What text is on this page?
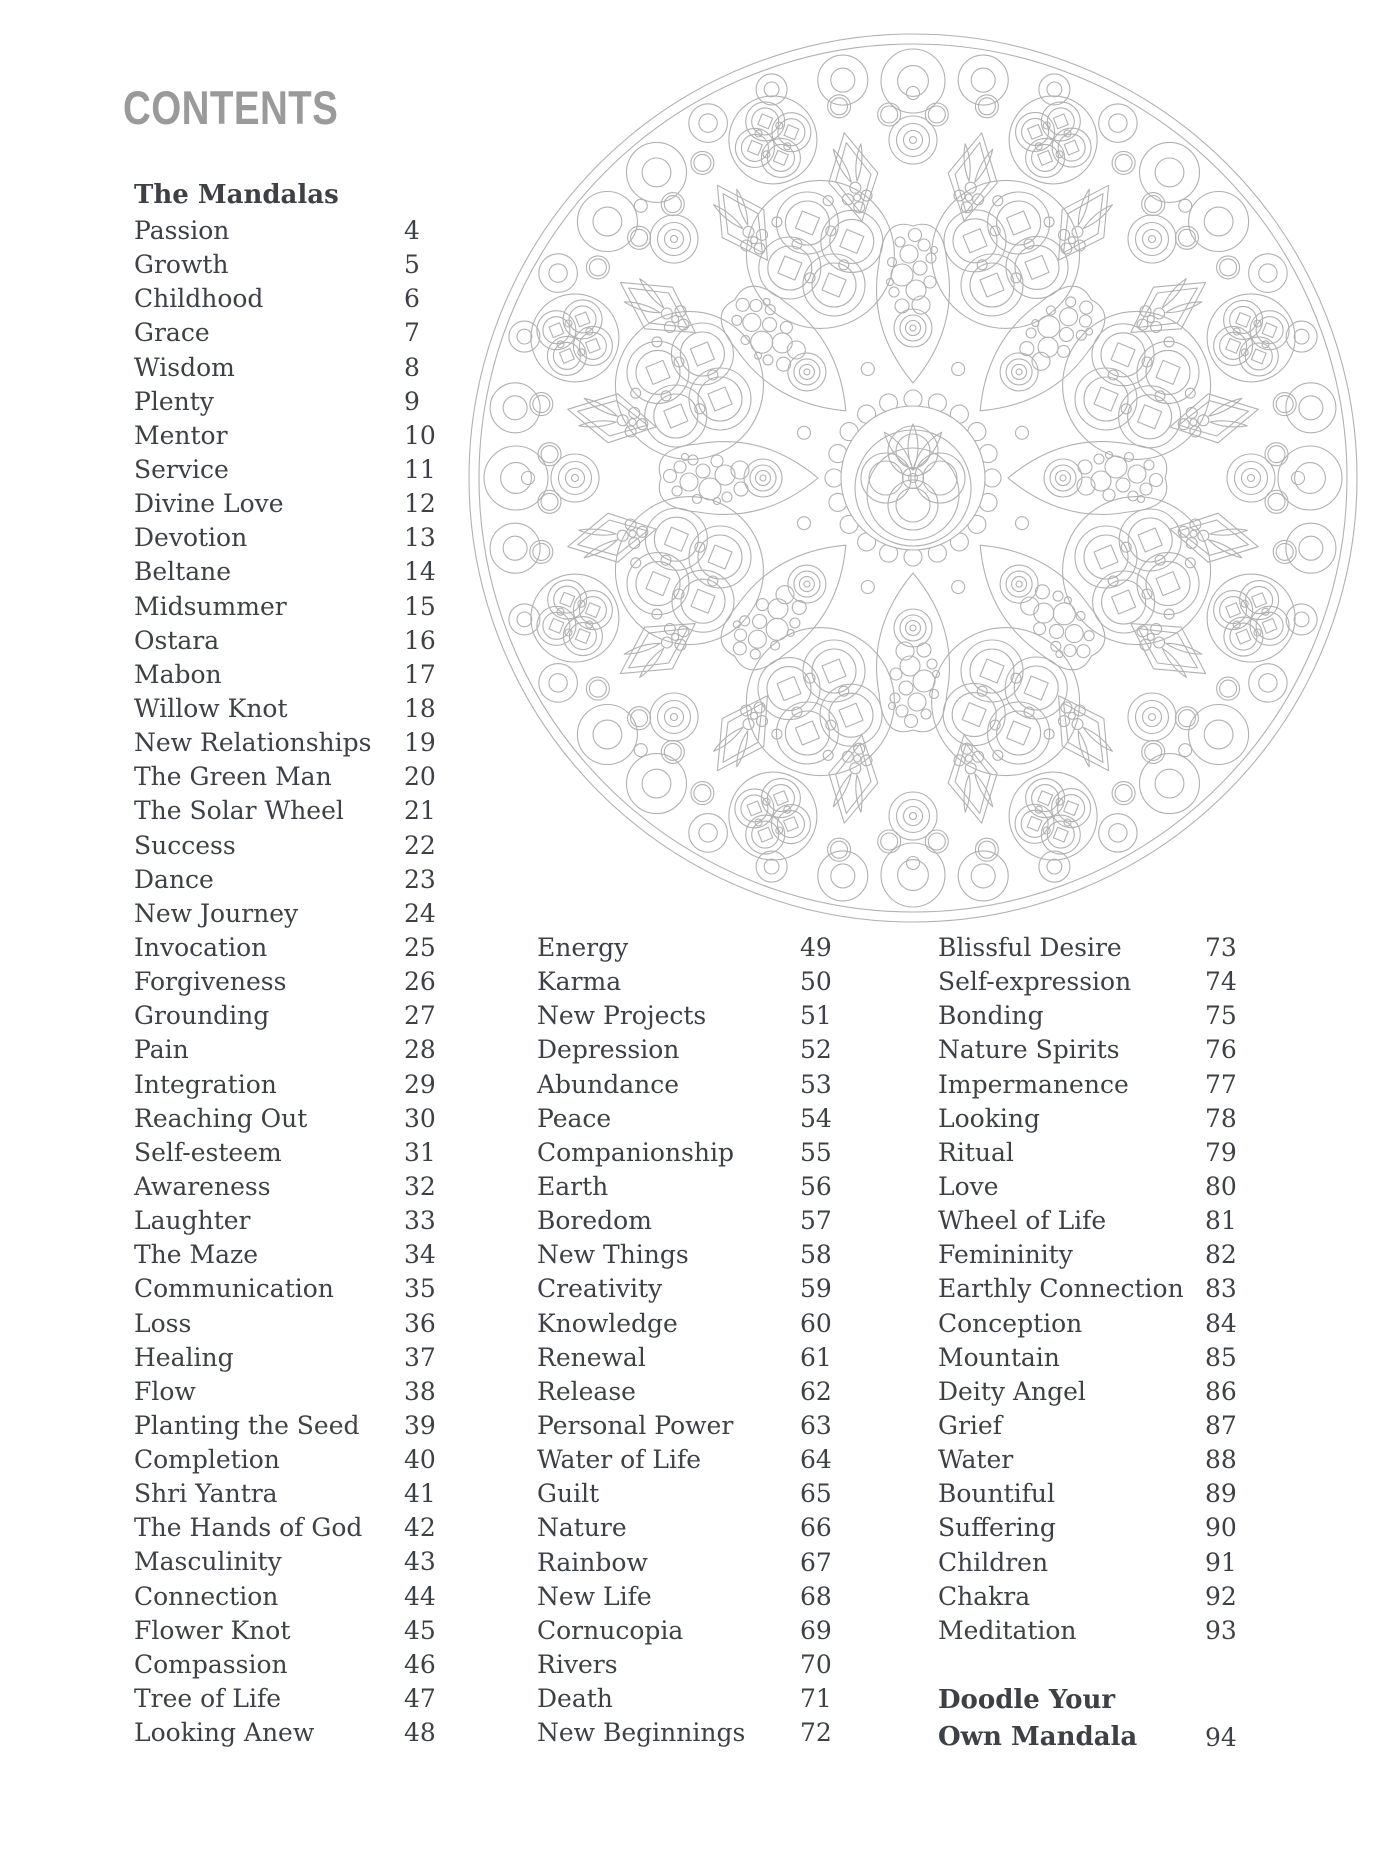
CONTENTS
The Mandalas
Passion	4
Growth	5
Childhood	6
Grace	7
Wisdom	8
Plenty	9
Mentor	10
Service	11
Divine Love	12
Devotion	13
Beltane	14
Midsummer	15
Ostara	16
Mabon	17
Willow Knot	18
New Relationships	19
The Green Man	20
The Solar Wheel	21
Success	22
Dance	23
New Journey	24
Invocation	25
Forgiveness	26
Grounding	27
Pain	28
Integration	29
Reaching Out	30
Self-esteem	31
Awareness	32
Laughter	33
The Maze	34
Communication	35
Loss	36
Healing	37
Flow	38
Planting the Seed	39
Completion	40
Shri Yantra	41
The Hands of God	42
Masculinity	43
Connection	44
Flower Knot	45
Compassion	46
Tree of Life	47
Looking Anew	48
Energy	49
Karma	50
New Projects	51
Depression	52
Abundance	53
Peace	54
Companionship	55
Earth	56
Boredom	57
New Things	58
Creativity	59
Knowledge	60
Renewal	61
Release	62
Personal Power	63
Water of Life	64
Guilt	65
Nature	66
Rainbow	67
New Life	68
Cornucopia	69
Rivers	70
Death	71
New Beginnings	72
Blissful Desire	73
Self-expression	74
Bonding	75
Nature Spirits	76
Impermanence	77
Looking	78
Ritual	79
Love	80
Wheel of Life	81
Femininity	82
Earthly Connection 83
Conception	84
Mountain	85
Deity Angel	86
Grief	87
Water	88
Bountiful	89
Suffering	90
Children	91
Chakra	92
Meditation	93
Doodle Your
Own Mandala	94
